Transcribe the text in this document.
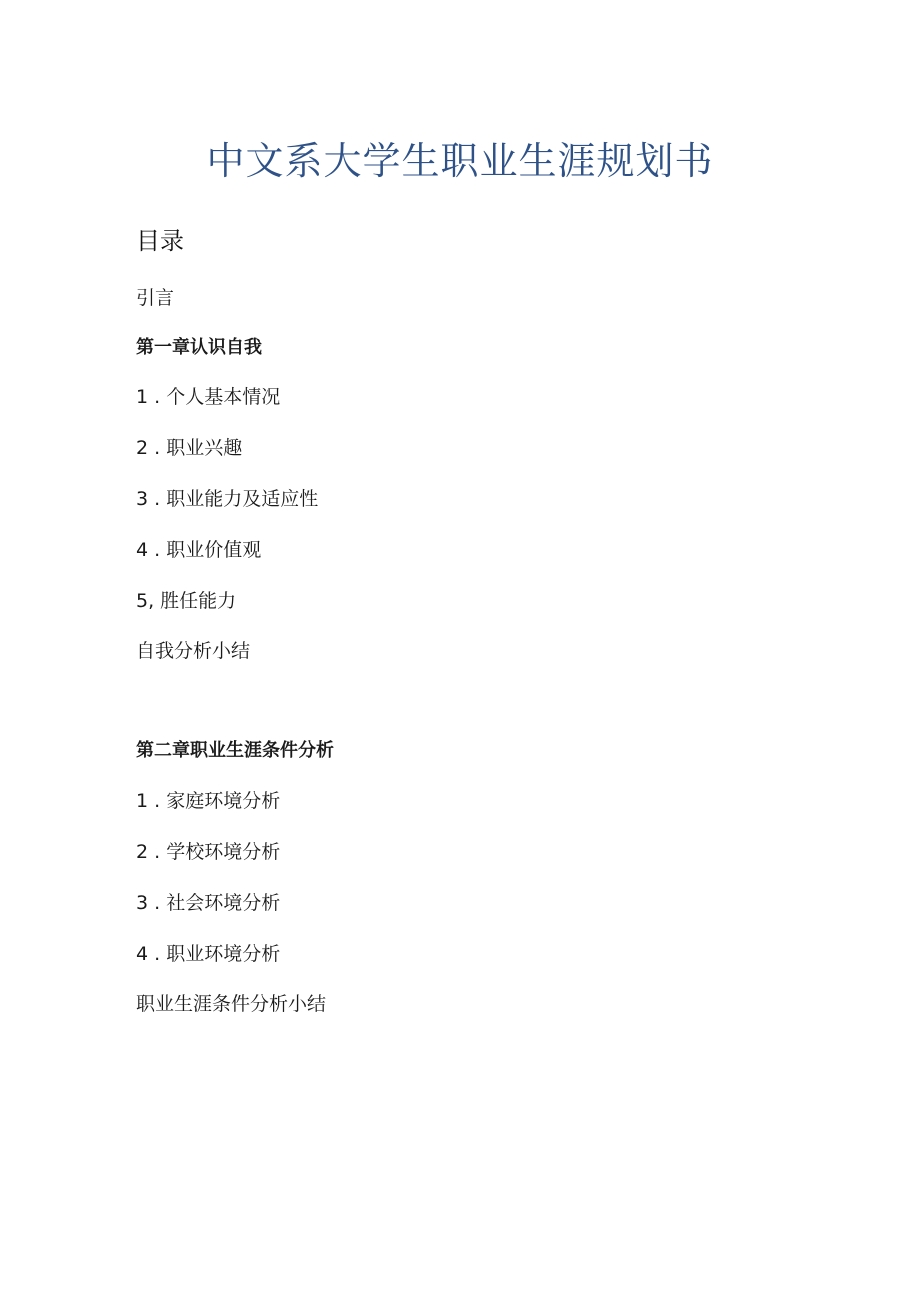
中文系大学生职业生涯规划书
目录
引言
第一章认识自我
1 . 个人基本情况
2 . 职业兴趣
3 . 职业能力及适应性
4 . 职业价值观
5, 胜任能力
自我分析小结
第二章职业生涯条件分析
1 . 家庭环境分析
2 . 学校环境分析
3 . 社会环境分析
4 . 职业环境分析
职业生涯条件分析小结
